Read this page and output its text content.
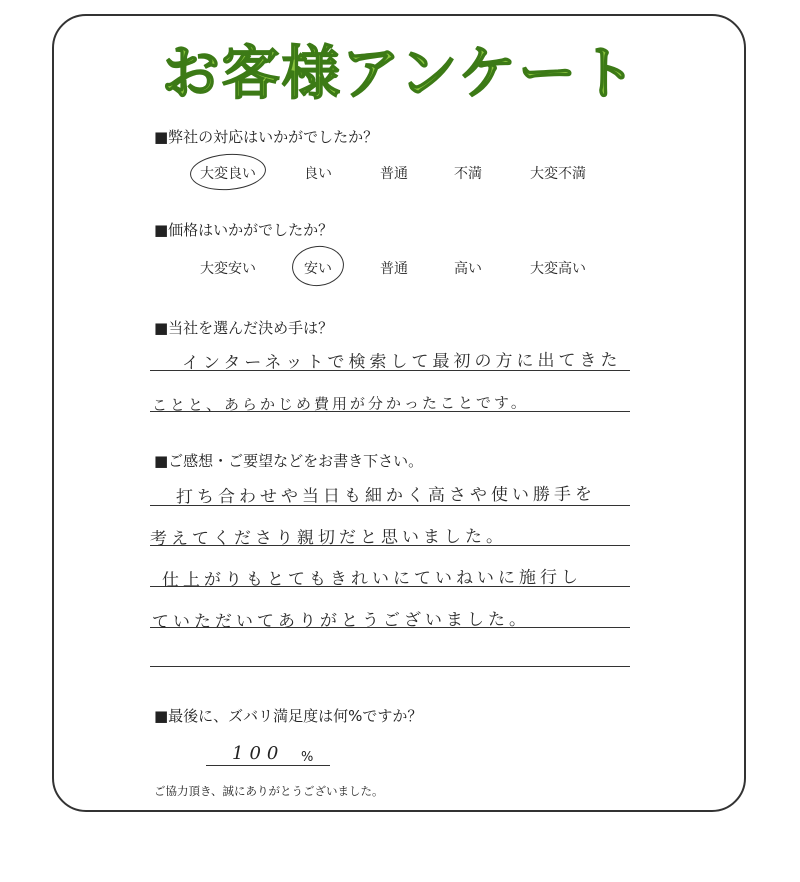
お客様アンケート
■弊社の対応はいかがでしたか？
大変良い	良い	普通	不満	大変不満
■価格はいかがでしたか？
大変安い	安い	普通	高い	大変高い
■当社を選んだ決め手は？
インターネットで検索して最初の方に出てきた
ことと、あらかじめ費用が分かったことです。
■ご感想・ご要望などをお書き下さい。
打ち合わせや当日も細かく高さや使い勝手を
考えてくださり親切だと思いました。
仕上がりもとてもきれいにていねいに施行し
ていただいてありがとうございました。
■最後に、ズバリ満足度は何%ですか？
100 %
ご協力頂き、誠にありがとうございました。
